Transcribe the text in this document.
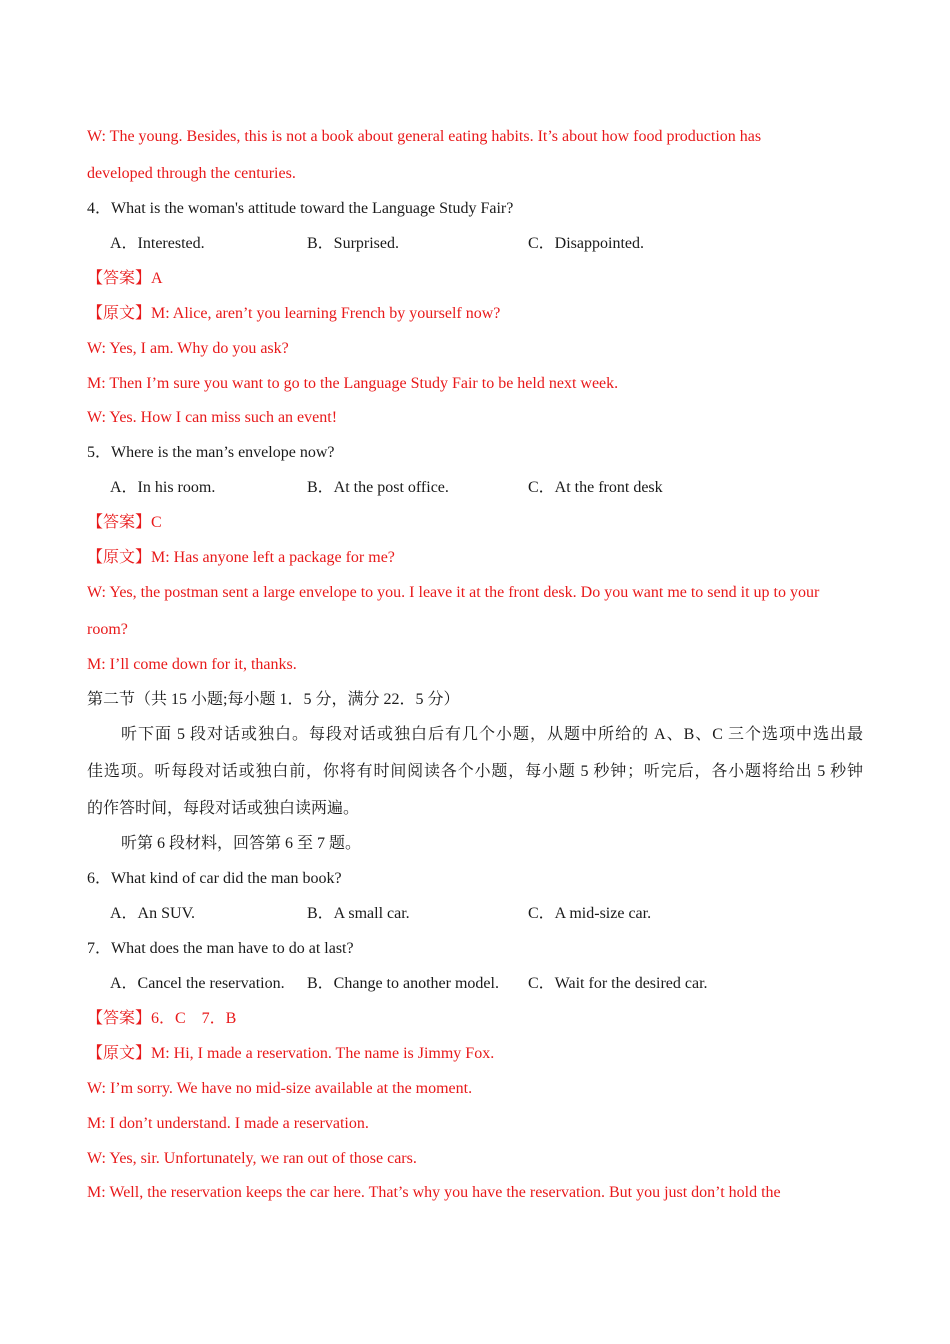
W: The young. Besides, this is not a book about general eating habits. It’s about how food production has
developed through the centuries.
4．What is the woman's attitude toward the Language Study Fair?
A．Interested.	B．Surprised.	C．Disappointed.
【答案】A
【原文】M: Alice, aren’t you learning French by yourself now?
W: Yes, I am. Why do you ask?
M: Then I’m sure you want to go to the Language Study Fair to be held next week.
W: Yes. How I can miss such an event!
5．Where is the man’s envelope now?
A．In his room.	B．At the post office.	C．At the front desk
【答案】C
【原文】M: Has anyone left a package for me?
W: Yes, the postman sent a large envelope to you. I leave it at the front desk. Do you want me to send it up to your
room?
M: I’ll come down for it, thanks.
第二节（共 15 小题;每小题 1．5 分，满分 22．5 分）
听下面 5 段对话或独白。每段对话或独白后有几个小题，从题中所给的 A、B、C 三个选项中选出最
佳选项。听每段对话或独白前，你将有时间阅读各个小题，每小题 5 秒钟；听完后，各小题将给出 5 秒钟
的作答时间，每段对话或独白读两遍。
听第 6 段材料，回答第 6 至 7 题。
6．What kind of car did the man book?
A．An SUV.	B．A small car.	C．A mid-size car.
7．What does the man have to do at last?
A．Cancel the reservation. B．Change to another model. C．Wait for the desired car.
【答案】6．C    7．B
【原文】M: Hi, I made a reservation. The name is Jimmy Fox.
W: I’m sorry. We have no mid-size available at the moment.
M: I don’t understand. I made a reservation.
W: Yes, sir. Unfortunately, we ran out of those cars.
M: Well, the reservation keeps the car here. That’s why you have the reservation. But you just don’t hold the
